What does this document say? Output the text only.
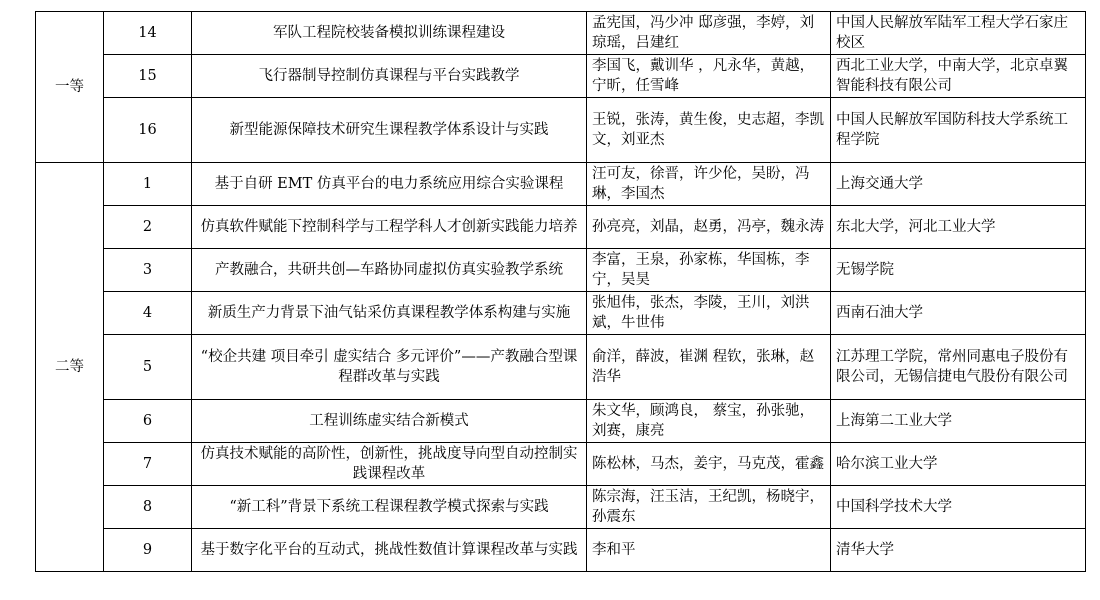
一等	14	军队工程院校装备模拟训练课程建设	孟宪国，冯少冲 邸彦强，李婷，刘琼瑶，吕建红	中国人民解放军陆军工程大学石家庄校区
	15	飞行器制导控制仿真课程与平台实践教学	李国飞，戴训华 ，凡永华，黄越，宁昕，任雪峰	西北工业大学，中南大学，北京卓翼智能科技有限公司
	16	新型能源保障技术研究生课程教学体系设计与实践	王锐，张涛，黄生俊，史志超，李凯文，刘亚杰	中国人民解放军国防科技大学系统工程学院
二等	1	基于自研 EMT 仿真平台的电力系统应用综合实验课程	汪可友，徐晋，许少伦，吴盼，冯琳，李国杰	上海交通大学
	2	仿真软件赋能下控制科学与工程学科人才创新实践能力培养	孙亮亮，刘晶，赵勇，冯亭，魏永涛	东北大学，河北工业大学
	3	产教融合，共研共创—车路协同虚拟仿真实验教学系统	李富，王泉，孙家栋，华国栋，李宁，吴昊	无锡学院
	4	新质生产力背景下油气钻采仿真课程教学体系构建与实施	张旭伟，张杰，李陵，王川，刘洪斌，牛世伟	西南石油大学
	5	“校企共建 项目牵引 虚实结合 多元评价”——产教融合型课程群改革与实践	俞洋，薛波，崔渊 程钦，张琳，赵浩华	江苏理工学院，常州同惠电子股份有限公司，无锡信捷电气股份有限公司
	6	工程训练虚实结合新模式	朱文华，顾鸿良， 蔡宝，孙张驰，刘赛，康亮	上海第二工业大学
	7	仿真技术赋能的高阶性，创新性，挑战度导向型自动控制实践课程改革	陈松林，马杰，姜宇，马克茂，霍鑫	哈尔滨工业大学
	8	“新工科”背景下系统工程课程教学模式探索与实践	陈宗海，汪玉洁，王纪凯，杨晓宇，孙震东	中国科学技术大学
	9	基于数字化平台的互动式，挑战性数值计算课程改革与实践	李和平	清华大学
